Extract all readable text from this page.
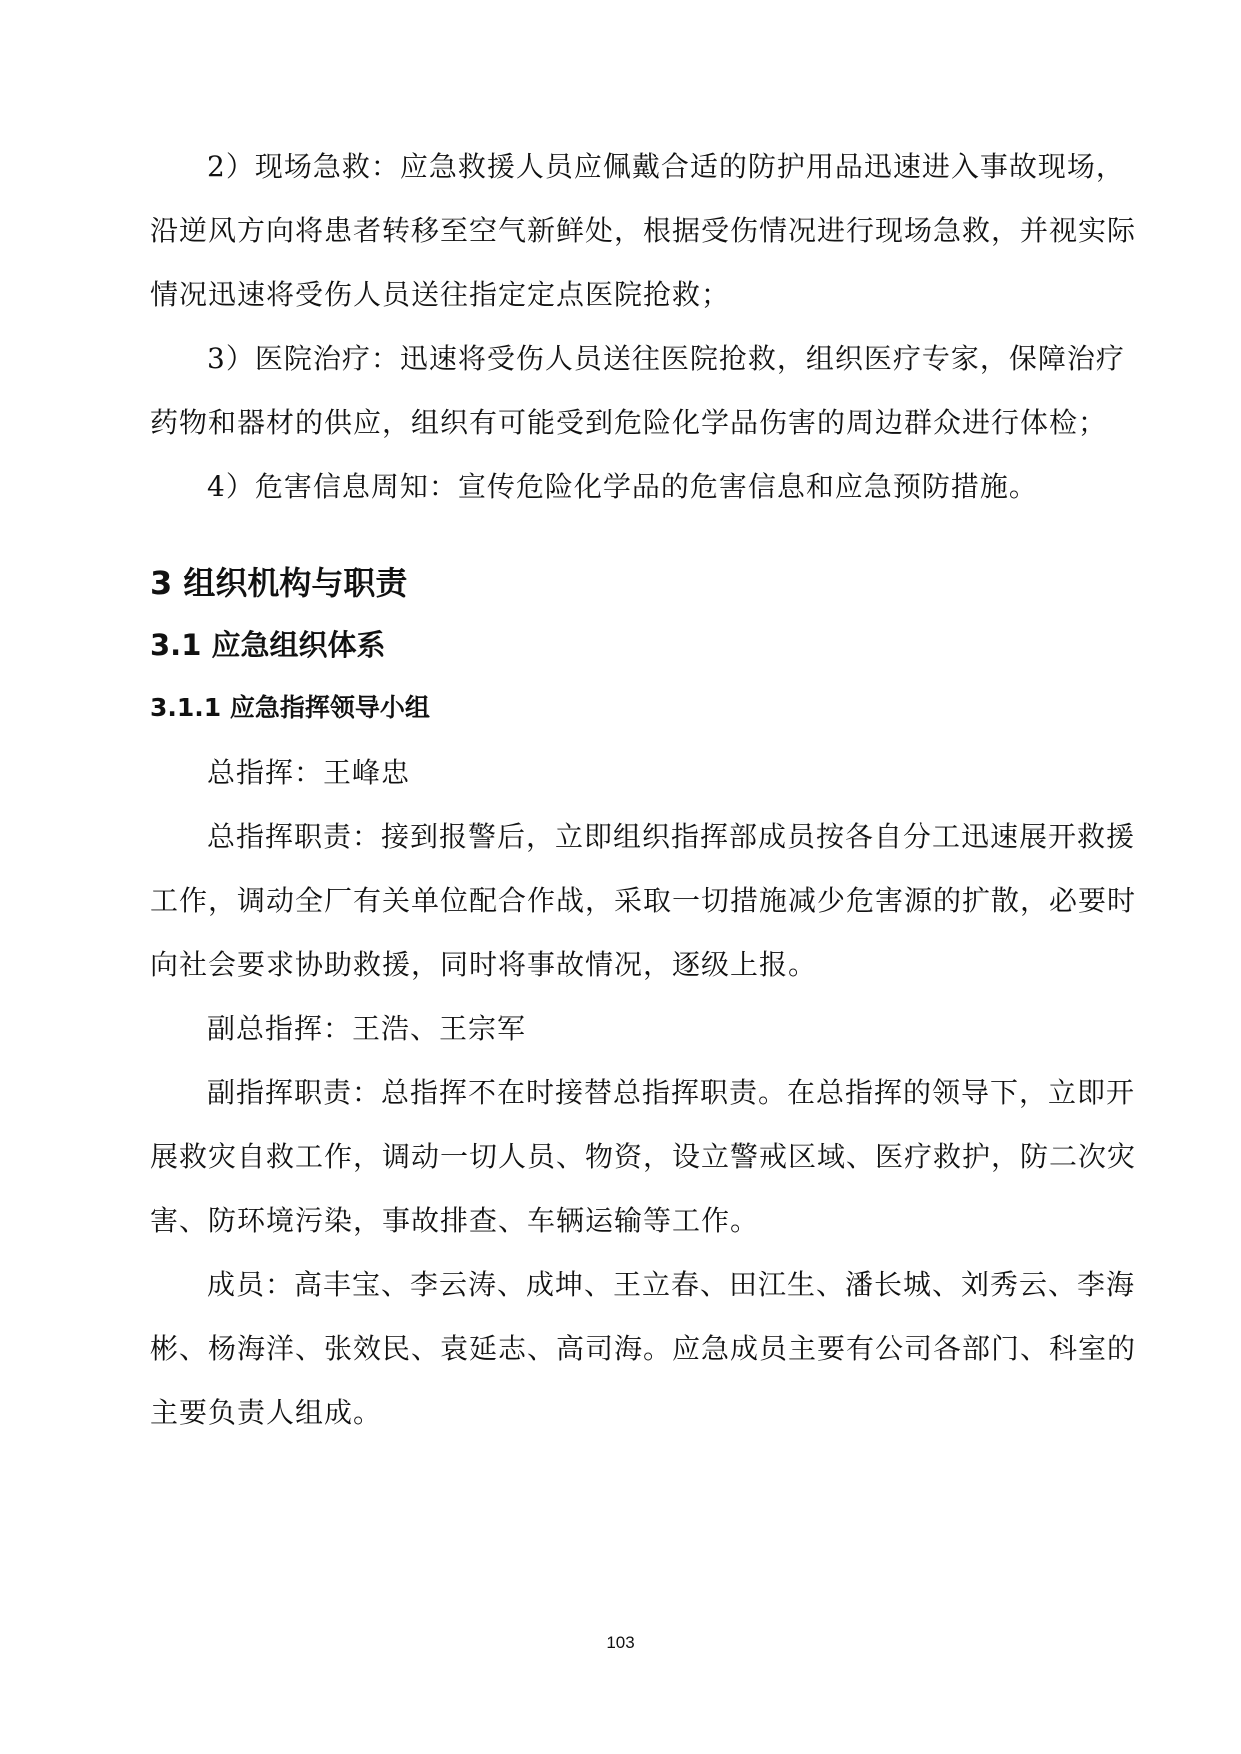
2）现场急救：应急救援人员应佩戴合适的防护用品迅速进入事故现场，
沿逆风方向将患者转移至空气新鲜处，根据受伤情况进行现场急救，并视实际
情况迅速将受伤人员送往指定定点医院抢救；
3）医院治疗：迅速将受伤人员送往医院抢救，组织医疗专家，保障治疗
药物和器材的供应，组织有可能受到危险化学品伤害的周边群众进行体检；
4）危害信息周知：宣传危险化学品的危害信息和应急预防措施。
3 组织机构与职责
3.1 应急组织体系
3.1.1 应急指挥领导小组
总指挥：王峰忠
总指挥职责：接到报警后，立即组织指挥部成员按各自分工迅速展开救援
工作，调动全厂有关单位配合作战，采取一切措施减少危害源的扩散，必要时
向社会要求协助救援，同时将事故情况，逐级上报。
副总指挥：王浩、王宗军
副指挥职责：总指挥不在时接替总指挥职责。在总指挥的领导下，立即开
展救灾自救工作，调动一切人员、物资，设立警戒区域、医疗救护，防二次灾
害、防环境污染，事故排查、车辆运输等工作。
成员：高丰宝、李云涛、成坤、王立春、田江生、潘长城、刘秀云、李海
彬、杨海洋、张效民、袁延志、高司海。应急成员主要有公司各部门、科室的
主要负责人组成。
103
